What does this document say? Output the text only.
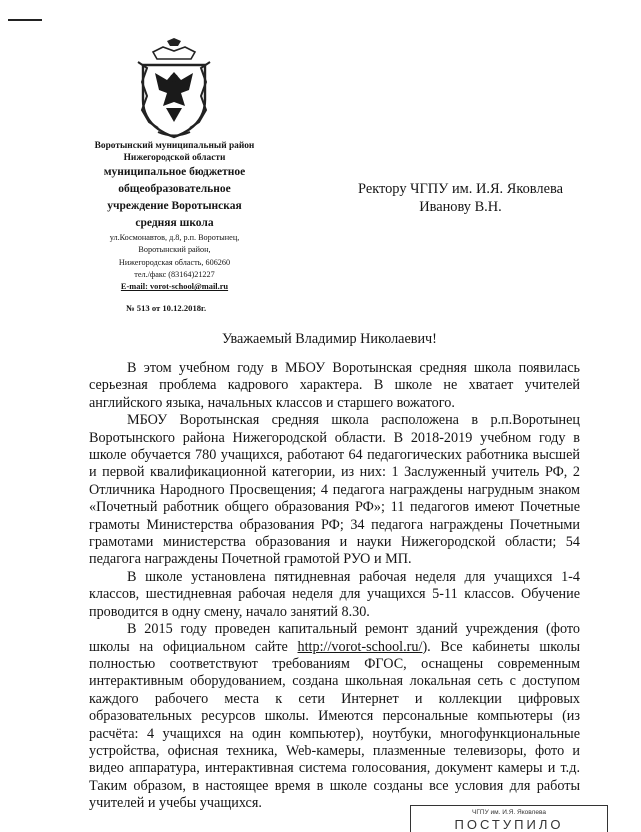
Воротынский муниципальный район
Нижегородской области
муниципальное бюджетное
общеобразовательное
учреждение Воротынская
средняя школа
ул.Космонавтов, д.8, р.п. Воротынец,
Воротынский район,
Нижегородская область, 606260
тел./факс (83164)21227
E-mail: vorot-school@mail.ru
№ 513 от 10.12.2018г.
Ректору ЧГПУ им. И.Я. Яковлева
Иванову В.Н.
Уважаемый Владимир Николаевич!

В этом учебном году в МБОУ Воротынская средняя школа появилась серьезная проблема кадрового характера. В школе не хватает учителей английского языка, начальных классов и старшего вожатого.

МБОУ Воротынская средняя школа расположена в р.п.Воротынец Воротынского района Нижегородской области. В 2018-2019 учебном году в школе обучается 780 учащихся, работают 64 педагогических работника высшей и первой квалификационной категории, из них: 1 Заслуженный учитель РФ, 2 Отличника Народного Просвещения; 4 педагога награждены нагрудным знаком «Почетный работник общего образования РФ»; 11 педагогов имеют Почетные грамоты Министерства образования РФ; 34 педагога награждены Почетными грамотами министерства образования и науки Нижегородской области; 54 педагога награждены Почетной грамотой РУО и МП.

В школе установлена пятидневная рабочая неделя для учащихся 1-4 классов, шестидневная рабочая неделя для учащихся 5-11 классов. Обучение проводится в одну смену, начало занятий 8.30.

В 2015 году проведен капитальный ремонт зданий учреждения (фото школы на официальном сайте http://vorot-school.ru/). Все кабинеты школы полностью соответствуют требованиям ФГОС, оснащены современным интерактивным оборудованием, создана школьная локальная сеть с доступом каждого рабочего места к сети Интернет и коллекции цифровых образовательных ресурсов школы. Имеются персональные компьютеры (из расчёта: 4 учащихся на один компьютер), ноутбуки, многофункциональные устройства, офисная техника, Web-камеры, плазменные телевизоры, фото и видео аппаратура, интерактивная система голосования, документ камеры и т.д. Таким образом, в настоящее время в школе созданы все условия для работы учителей и учебы учащихся.

ЧГПУ им. И.Я. Яковлева
ПОСТУПИЛО
